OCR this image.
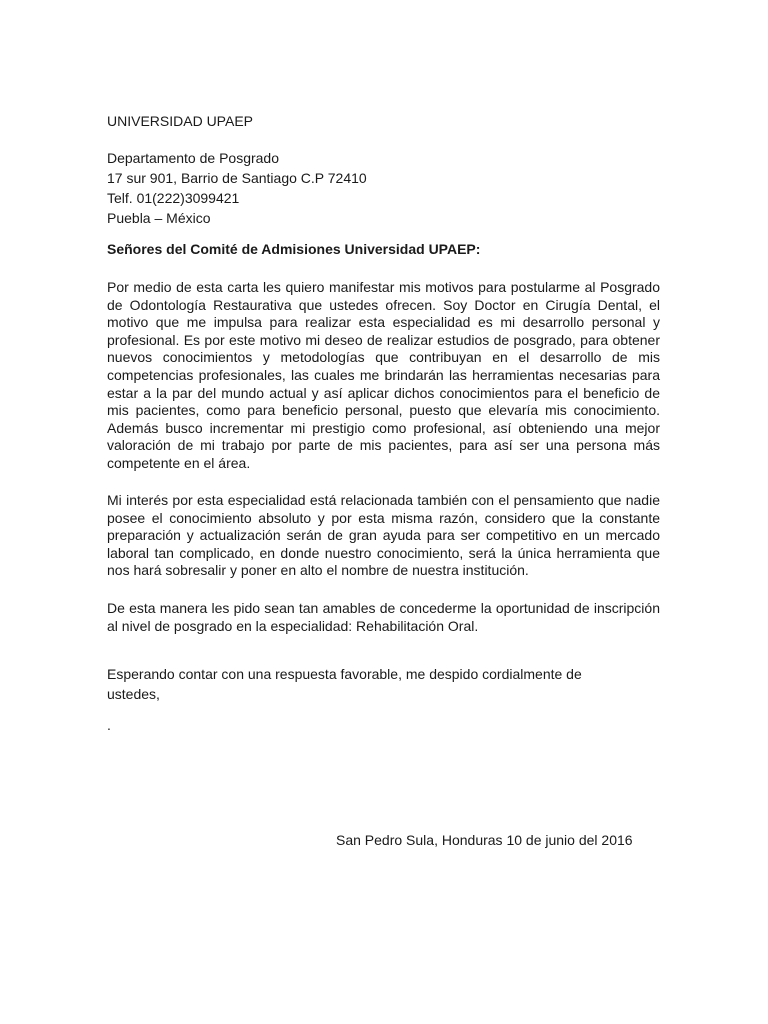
UNIVERSIDAD UPAEP
Departamento de Posgrado
17 sur 901, Barrio de Santiago C.P 72410
Telf. 01(222)3099421
Puebla – México
Señores del Comité de Admisiones Universidad UPAEP:
Por medio de esta carta les quiero manifestar mis motivos para postularme al Posgrado de Odontología Restaurativa que ustedes ofrecen. Soy Doctor en Cirugía Dental, el motivo que me impulsa para realizar esta especialidad es mi desarrollo personal y profesional. Es por este motivo mi deseo de realizar estudios de posgrado, para obtener nuevos conocimientos y metodologías que contribuyan en el desarrollo de mis competencias profesionales, las cuales me brindarán las herramientas necesarias para estar a la par del mundo actual y así aplicar dichos conocimientos para el beneficio de mis pacientes, como para beneficio personal, puesto que elevaría mis conocimiento. Además busco incrementar mi prestigio como profesional, así obteniendo una mejor valoración de mi trabajo por parte de mis pacientes, para así ser una persona más competente en el área.
Mi interés por esta especialidad está relacionada también con el pensamiento que nadie posee el conocimiento absoluto y por esta misma razón, considero que la constante preparación y actualización serán de gran ayuda para ser competitivo en un mercado laboral tan complicado, en donde nuestro conocimiento, será la única herramienta que nos hará sobresalir y poner en alto el nombre de nuestra institución.
De esta manera les pido sean tan amables de concederme la oportunidad de inscripción al nivel de posgrado en la especialidad: Rehabilitación Oral.
Esperando contar con una respuesta favorable, me despido cordialmente de ustedes,
.
San Pedro Sula, Honduras 10 de junio del 2016
